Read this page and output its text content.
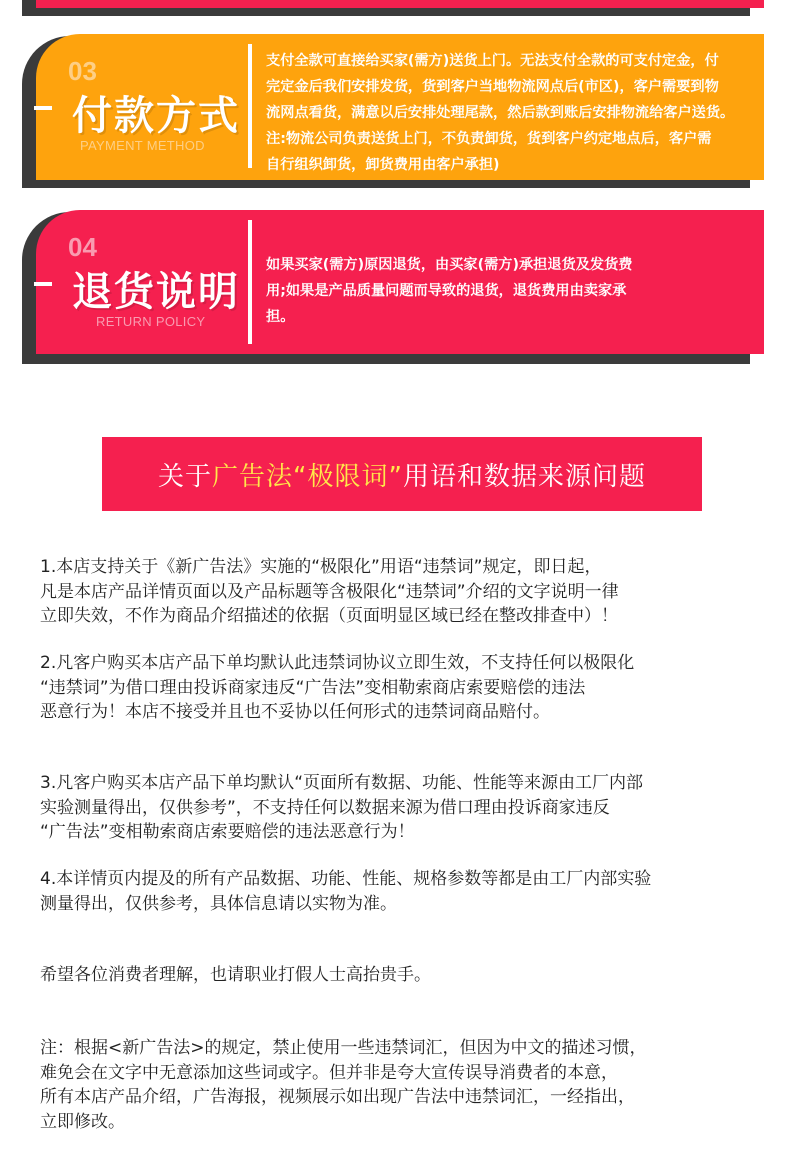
03
付款方式
PAYMENT METHOD
支付全款可直接给买家(需方)送货上门。无法支付全款的可支付定金，付
完定金后我们安排发货，货到客户当地物流网点后(市区)，客户需要到物
流网点看货，满意以后安排处理尾款，然后款到账后安排物流给客户送货。
注:物流公司负责送货上门，不负责卸货，货到客户约定地点后，客户需
自行组织卸货，卸货费用由客户承担)
04
退货说明
RETURN POLICY
如果买家(需方)原因退货，由买家(需方)承担退货及发货费
用;如果是产品质量问题而导致的退货，退货费用由卖家承
担。
关于 广告法“极限词” 用语和数据来源问题
1.本店支持关于《新广告法》实施的“极限化”用语“违禁词”规定，即日起，
凡是本店产品详情页面以及产品标题等含极限化“违禁词”介绍的文字说明一律
立即失效，不作为商品介绍描述的依据（页面明显区域已经在整改排查中）！
2.凡客户购买本店产品下单均默认此违禁词协议立即生效，不支持任何以极限化
“违禁词”为借口理由投诉商家违反“广告法”变相勒索商店索要赔偿的违法
恶意行为！本店不接受并且也不妥协以任何形式的违禁词商品赔付。
3.凡客户购买本店产品下单均默认“页面所有数据、功能、性能等来源由工厂内部
实验测量得出，仅供参考”，不支持任何以数据来源为借口理由投诉商家违反
“广告法”变相勒索商店索要赔偿的违法恶意行为！
4.本详情页内提及的所有产品数据、功能、性能、规格参数等都是由工厂内部实验
测量得出，仅供参考，具体信息请以实物为准。
希望各位消费者理解，也请职业打假人士高抬贵手。
注：根据<新广告法>的规定，禁止使用一些违禁词汇，但因为中文的描述习惯，
难免会在文字中无意添加这些词或字。但并非是夸大宣传误导消费者的本意，
所有本店产品介绍，广告海报，视频展示如出现广告法中违禁词汇，一经指出，
立即修改。
